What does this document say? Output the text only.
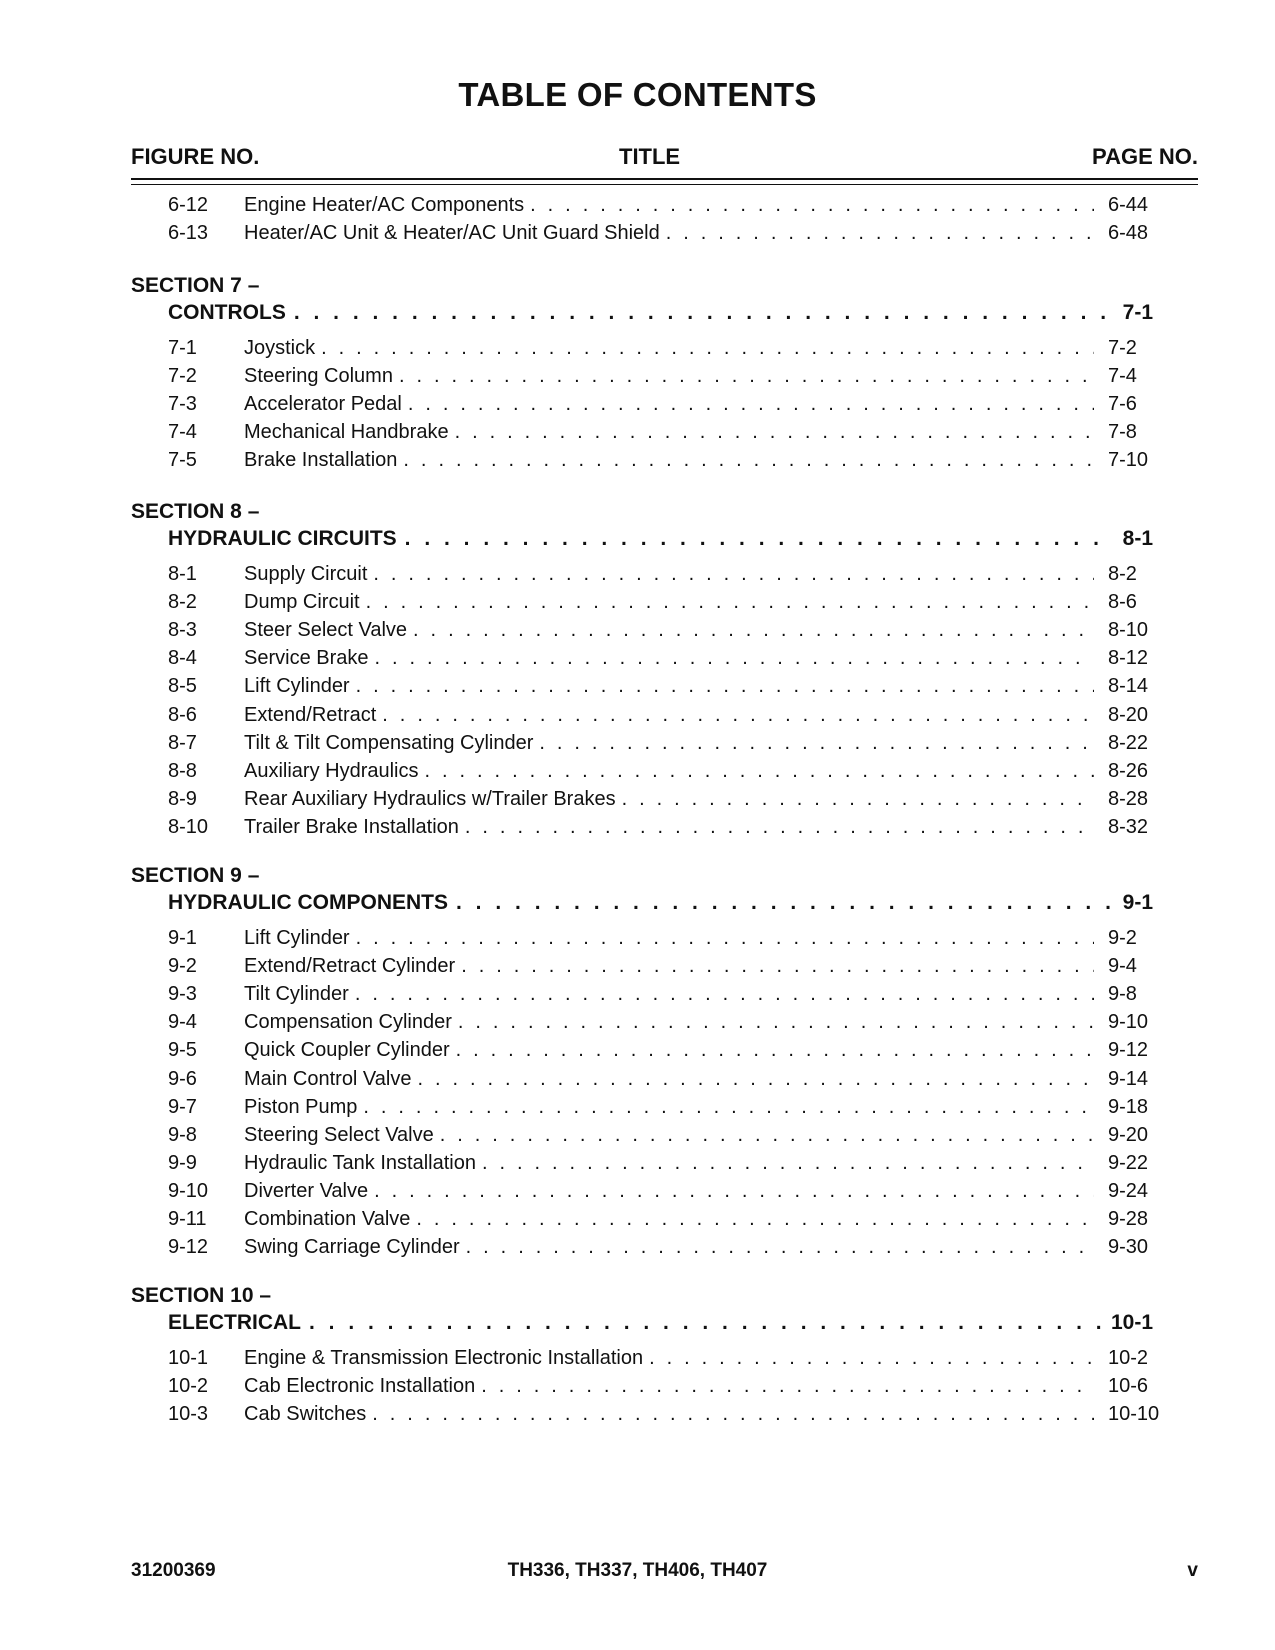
TABLE OF CONTENTS
FIGURE NO.	TITLE	PAGE NO.
6-12	Engine Heater/AC Components . . .	6-44
6-13	Heater/AC Unit & Heater/AC Unit Guard Shield . . .	6-48
SECTION 7 –
CONTROLS . . .	7-1
7-1	Joystick . . .	7-2
7-2	Steering Column . . .	7-4
7-3	Accelerator Pedal . . .	7-6
7-4	Mechanical Handbrake . . .	7-8
7-5	Brake Installation . . .	7-10
SECTION 8 –
HYDRAULIC CIRCUITS . . .	8-1
8-1	Supply Circuit . . .	8-2
8-2	Dump Circuit . . .	8-6
8-3	Steer Select Valve . . .	8-10
8-4	Service Brake . . .	8-12
8-5	Lift Cylinder . . .	8-14
8-6	Extend/Retract . . .	8-20
8-7	Tilt & Tilt Compensating Cylinder . . .	8-22
8-8	Auxiliary Hydraulics . . .	8-26
8-9	Rear Auxiliary Hydraulics w/Trailer Brakes . . .	8-28
8-10	Trailer Brake Installation . . .	8-32
SECTION 9 –
HYDRAULIC COMPONENTS . . .	9-1
9-1	Lift Cylinder . . .	9-2
9-2	Extend/Retract Cylinder . . .	9-4
9-3	Tilt Cylinder . . .	9-8
9-4	Compensation Cylinder . . .	9-10
9-5	Quick Coupler Cylinder . . .	9-12
9-6	Main Control Valve . . .	9-14
9-7	Piston Pump . . .	9-18
9-8	Steering Select Valve . . .	9-20
9-9	Hydraulic Tank Installation . . .	9-22
9-10	Diverter Valve . . .	9-24
9-11	Combination Valve . . .	9-28
9-12	Swing Carriage Cylinder . . .	9-30
SECTION 10 –
ELECTRICAL . . .	10-1
10-1	Engine & Transmission Electronic Installation . . .	10-2
10-2	Cab Electronic Installation . . .	10-6
10-3	Cab Switches . . .	10-10
31200369	TH336, TH337, TH406, TH407	v
